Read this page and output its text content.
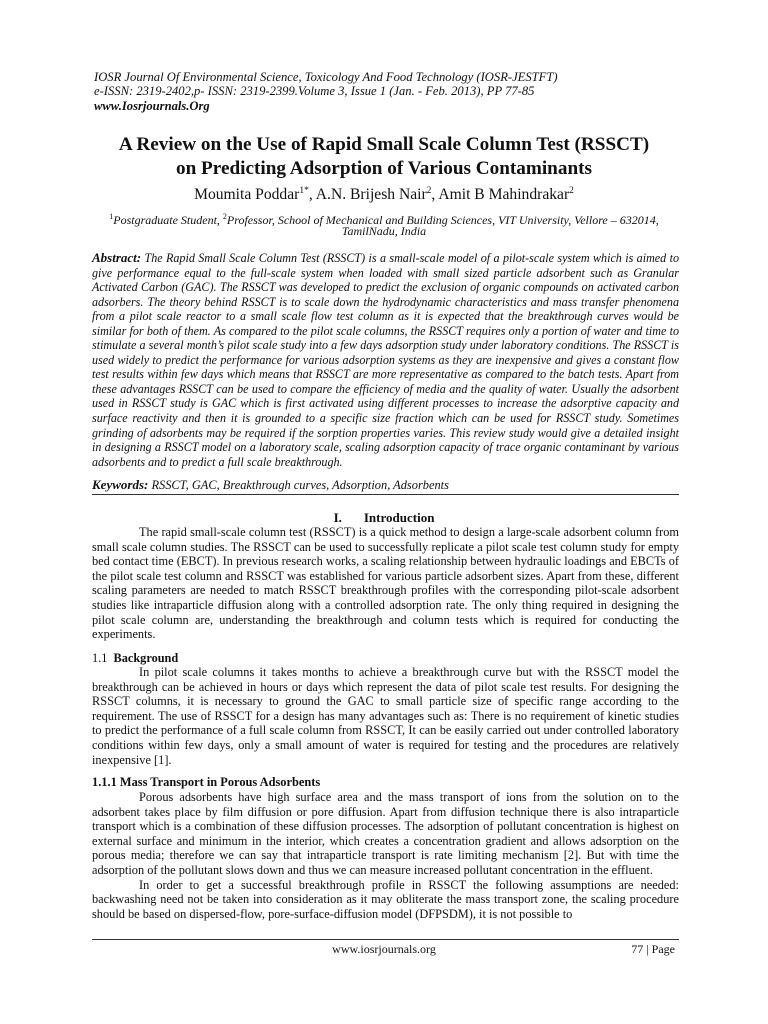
IOSR Journal Of Environmental Science, Toxicology And Food Technology (IOSR-JESTFT)
e-ISSN: 2319-2402,p- ISSN: 2319-2399.Volume 3, Issue 1 (Jan. - Feb. 2013), PP 77-85
www.Iosrjournals.Org
A Review on the Use of Rapid Small Scale Column Test (RSSCT)
on Predicting Adsorption of Various Contaminants
Moumita Poddar$^{1*}$, A.N. Brijesh Nair$^2$, Amit B Mahindrakar$^2$
$^1$Postgraduate Student, $^2$Professor, School of Mechanical and Building Sciences, VIT University, Vellore – 632014,
TamilNadu, India
Abstract: The Rapid Small Scale Column Test (RSSCT) is a small-scale model of a pilot-scale system which is aimed to give performance equal to the full-scale system when loaded with small sized particle adsorbent such as Granular Activated Carbon (GAC). The RSSCT was developed to predict the exclusion of organic compounds on activated carbon adsorbers. The theory behind RSSCT is to scale down the hydrodynamic characteristics and mass transfer phenomena from a pilot scale reactor to a small scale flow test column as it is expected that the breakthrough curves would be similar for both of them. As compared to the pilot scale columns, the RSSCT requires only a portion of water and time to stimulate a several month’s pilot scale study into a few days adsorption study under laboratory conditions. The RSSCT is used widely to predict the performance for various adsorption systems as they are inexpensive and gives a constant flow test results within few days which means that RSSCT are more representative as compared to the batch tests. Apart from these advantages RSSCT can be used to compare the efficiency of media and the quality of water. Usually the adsorbent used in RSSCT study is GAC which is first activated using different processes to increase the adsorptive capacity and surface reactivity and then it is grounded to a specific size fraction which can be used for RSSCT study. Sometimes grinding of adsorbents may be required if the sorption properties varies. This review study would give a detailed insight in designing a RSSCT model on a laboratory scale, scaling adsorption capacity of trace organic contaminant by various adsorbents and to predict a full scale breakthrough.
Keywords: RSSCT, GAC, Breakthrough curves, Adsorption, Adsorbents
I. Introduction

The rapid small-scale column test (RSSCT) is a quick method to design a large-scale adsorbent column from small scale column studies. The RSSCT can be used to successfully replicate a pilot scale test column study for empty bed contact time (EBCT). In previous research works, a scaling relationship between hydraulic loadings and EBCTs of the pilot scale test column and RSSCT was established for various particle adsorbent sizes. Apart from these, different scaling parameters are needed to match RSSCT breakthrough profiles with the corresponding pilot-scale adsorbent studies like intraparticle diffusion along with a controlled adsorption rate. The only thing required in designing the pilot scale column are, understanding the breakthrough and column tests which is required for conducting the experiments.

1.1 Background

In pilot scale columns it takes months to achieve a breakthrough curve but with the RSSCT model the breakthrough can be achieved in hours or days which represent the data of pilot scale test results. For designing the RSSCT columns, it is necessary to ground the GAC to small particle size of specific range according to the requirement. The use of RSSCT for a design has many advantages such as: There is no requirement of kinetic studies to predict the performance of a full scale column from RSSCT, It can be easily carried out under controlled laboratory conditions within few days, only a small amount of water is required for testing and the procedures are relatively inexpensive [1].

1.1.1 Mass Transport in Porous Adsorbents

Porous adsorbents have high surface area and the mass transport of ions from the solution on to the adsorbent takes place by film diffusion or pore diffusion. Apart from diffusion technique there is also intraparticle transport which is a combination of these diffusion processes. The adsorption of pollutant concentration is highest on external surface and minimum in the interior, which creates a concentration gradient and allows adsorption on the porous media; therefore we can say that intraparticle transport is rate limiting mechanism [2]. But with time the adsorption of the pollutant slows down and thus we can measure increased pollutant concentration in the effluent.

In order to get a successful breakthrough profile in RSSCT the following assumptions are needed: backwashing need not be taken into consideration as it may obliterate the mass transport zone, the scaling procedure should be based on dispersed-flow, pore-surface-diffusion model (DFPSDM), it is not possible to

www.iosrjournals.org	77 | Page
